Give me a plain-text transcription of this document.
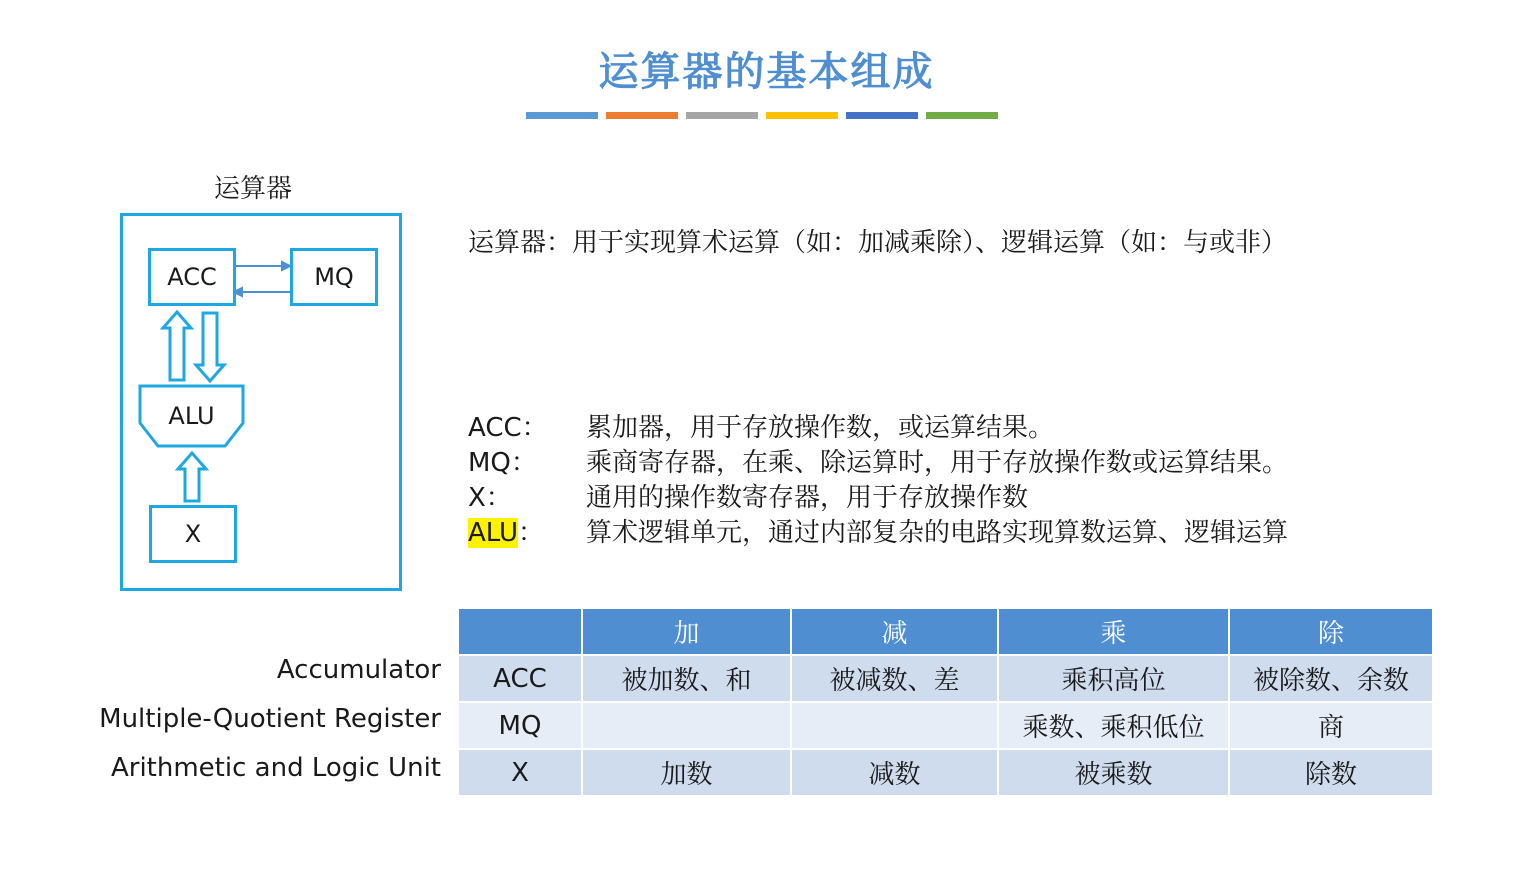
运算器的基本组成
运算器
ACC	MQ
ALU
X
运算器：用于实现算术运算（如：加减乘除）、逻辑运算（如：与或非）
ACC： 累加器，用于存放操作数，或运算结果。
MQ： 乘商寄存器，在乘、除运算时，用于存放操作数或运算结果。
X：	通用的操作数寄存器，用于存放操作数
ALU： 算术逻辑单元，通过内部复杂的电路实现算数运算、逻辑运算
Accumulator
Multiple-Quotient Register
Arithmetic and Logic Unit
	加	减	乘	除
ACC	被加数、和	被减数、差	乘积高位	被除数、余数
MQ			乘数、乘积低位	商
X	加数	减数	被乘数	除数
